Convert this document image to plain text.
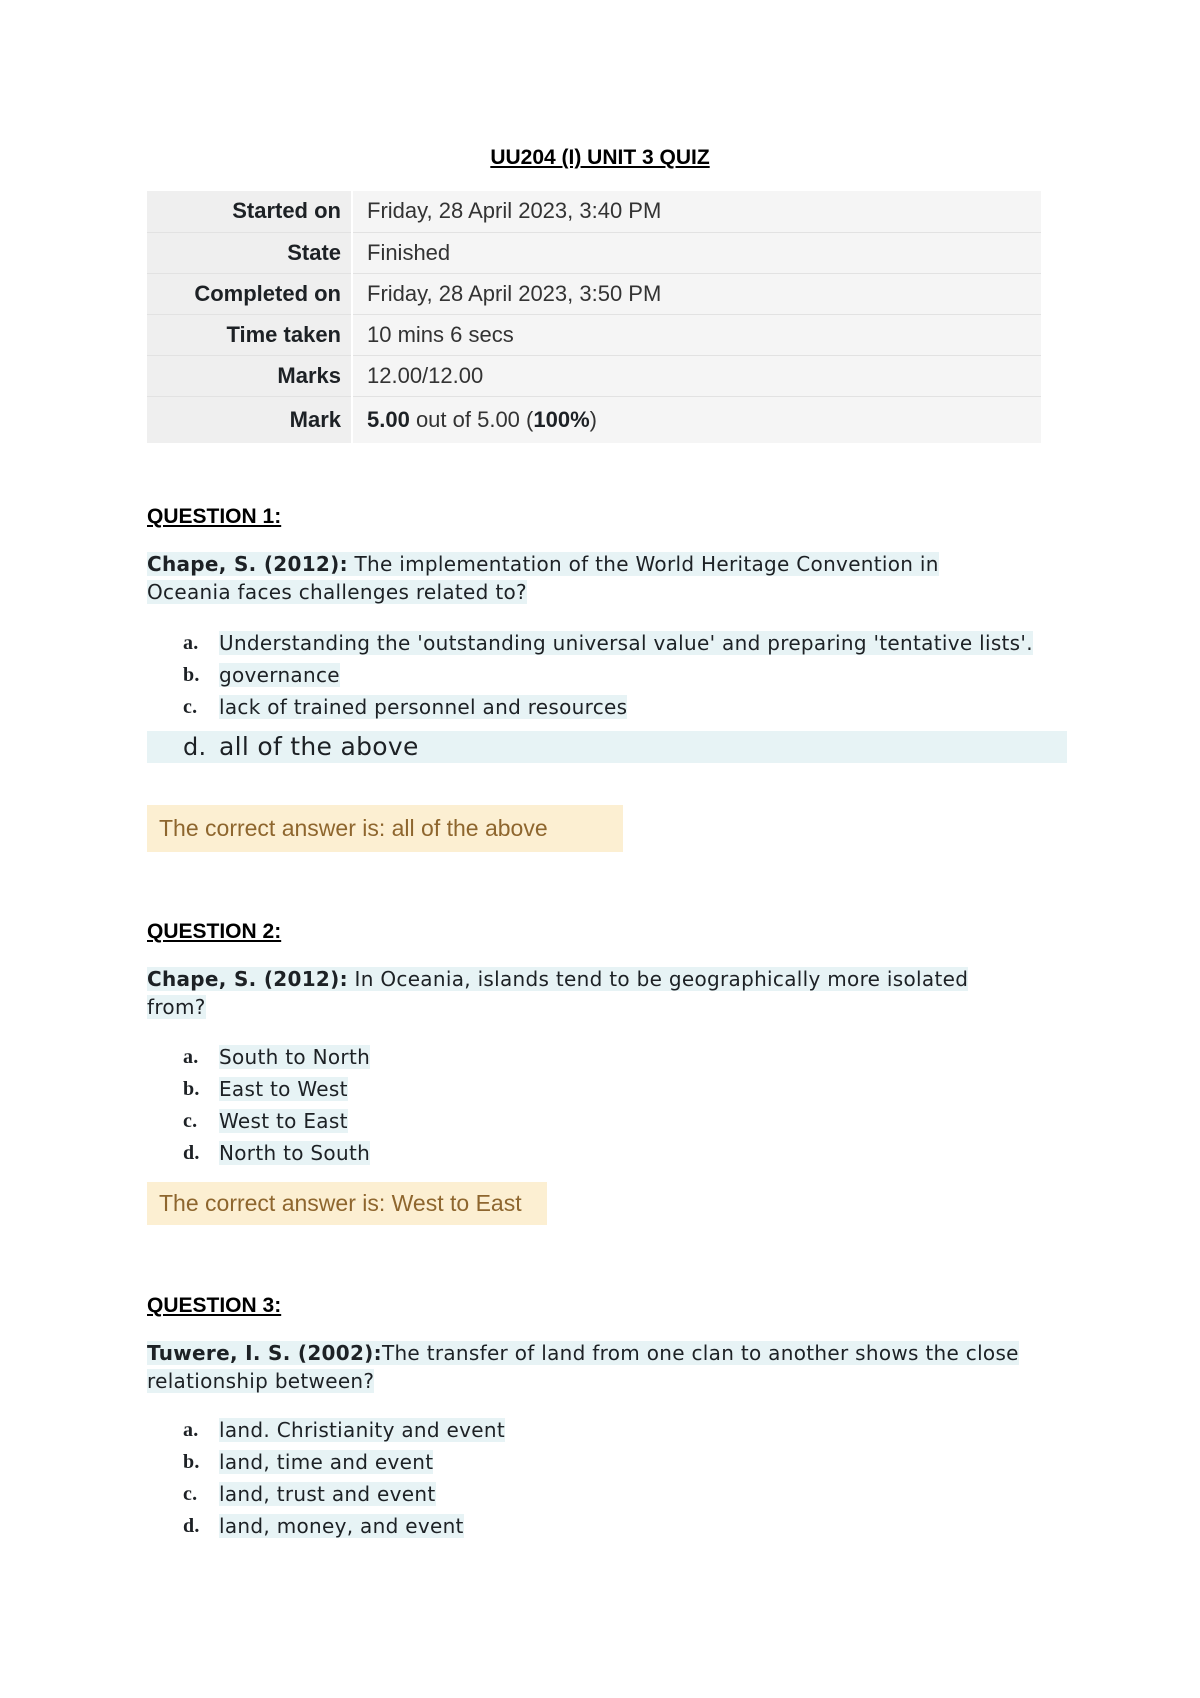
UU204 (I) UNIT 3 QUIZ
Started on	Friday, 28 April 2023, 3:40 PM
State	Finished
Completed on	Friday, 28 April 2023, 3:50 PM
Time taken	10 mins 6 secs
Marks	12.00/12.00
Mark	5.00 out of 5.00 (100%)
QUESTION 1:
Chape, S. (2012): The implementation of the World Heritage Convention in Oceania faces challenges related to?
a. Understanding the 'outstanding universal value' and preparing 'tentative lists'.
b. governance
c. lack of trained personnel and resources
d. all of the above
The correct answer is: all of the above
QUESTION 2:
Chape, S. (2012): In Oceania, islands tend to be geographically more isolated from?
a. South to North
b. East to West
c. West to East
d. North to South
The correct answer is: West to East
QUESTION 3:
Tuwere, I. S. (2002):The transfer of land from one clan to another shows the close relationship between?
a. land. Christianity and event
b. land, time and event
c. land, trust and event
d. land, money, and event
